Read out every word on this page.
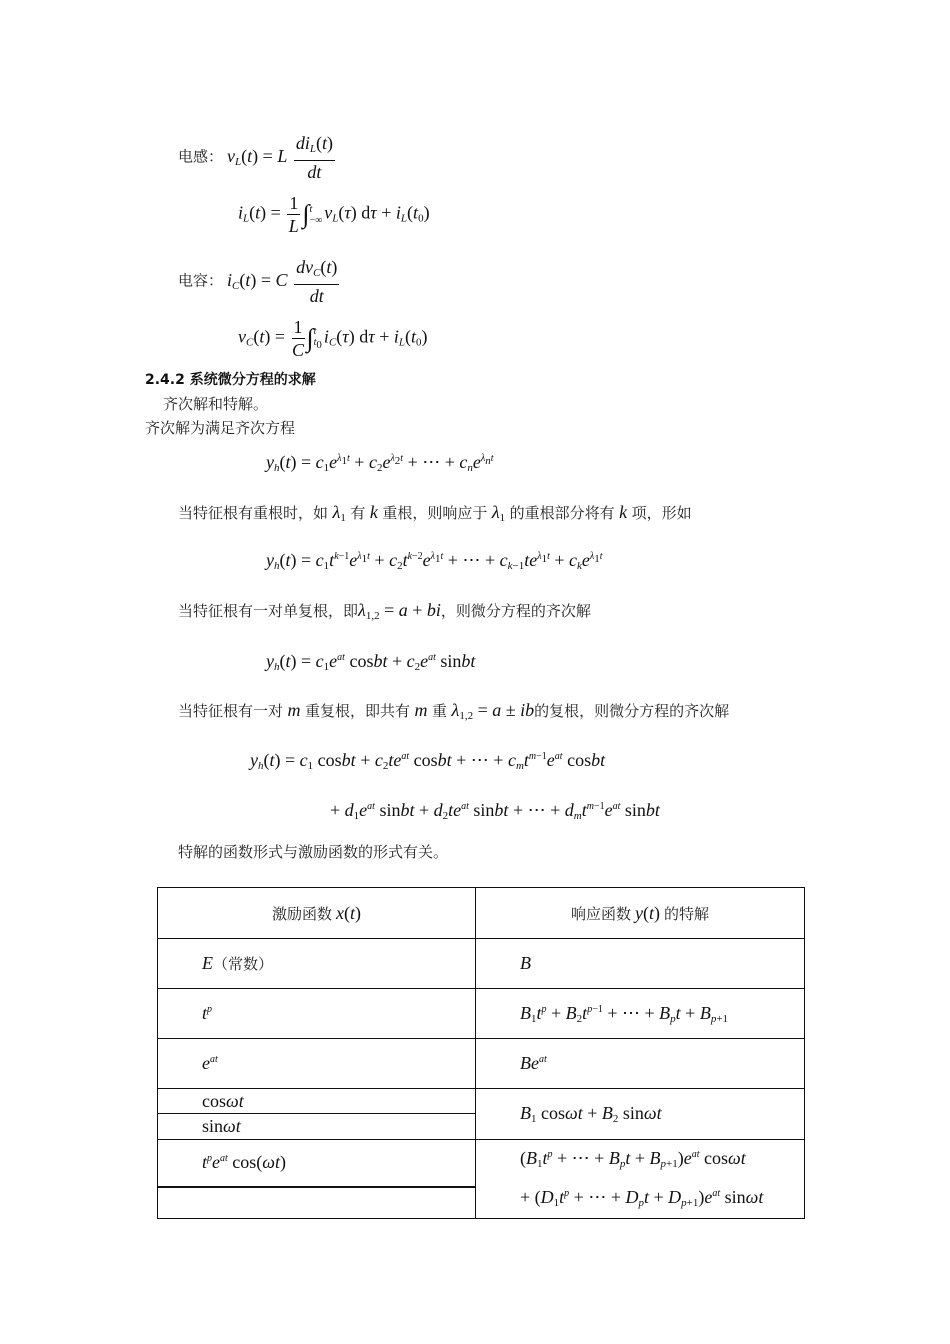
电感： $v_L(t) = L \frac{di_L(t)}{dt}$
$i_L(t) = \frac{1}{L}$ ∫ t
−∞ $v_L(\tau) d\tau + i_L(t_0)$
电容： $i_C(t) = C \frac{dv_C(t)}{dt}$
$v_C(t) = \frac{1}{C}$ ∫ t
$t_0$ $i_C(\tau) d\tau + i_L(t_0)$
2.4.2 系统微分方程的求解
齐次解和特解。
齐次解为满足齐次方程
$y_h(t) = c_1e^{\lambda_1t} + c_2e^{\lambda_2t}$ + ⋯ + $c_ne^{\lambda_nt}$
当特征根有重根时，如 $\lambda_1$ 有 k 重根，则响应于 $\lambda_1$ 的重根部分将有 k 项，形如
$y_h(t) = c_1t^{k-1}e^{\lambda_1t} + c_2t^{k-2}e^{\lambda_1t}$ + ⋯ + $c_{k-1}te^{\lambda_1t} + c_ke^{\lambda_1t}$
当特征根有一对单复根，即$\lambda_{1,2} = a$ + bi，则微分方程的齐次解
$y_h(t) = c_1e^{at}$ cosbt + $c_2e^{at}$ sinbt
当特征根有一对 m 重复根，即共有 m 重 $\lambda_{1,2} = a$ ± ib的复根，则微分方程的齐次解
$y_h(t) = c_1$ cosbt + $c_2te^{at}$ cosbt + ⋯ + $c_mt^{m-1}e^{at}$ cosbt
+ $d_1e^{at}$ sinbt + $d_2te^{at}$ sinbt + ⋯ + $d_mt^{m-1}e^{at}$ sinbt
特解的函数形式与激励函数的形式有关。
激励函数 x(t)	响应函数 y(t) 的特解
E（常数）	B
$t^p$	$B_1t^p + B_2t^{p-1}$ + ⋯ + $B_pt + B_{p+1}$
$e^{at}$	$Be^{at}$
cosωt	$B_1$ $\cos\omega t + B_2$ sinωt
sinωt	
$t^pe^{at}$ cos(ωt)	($B_1t^p$ + ⋯ + $B_pt + B_{p+1})e^{at}$ cosωt
+ ($D_1t^p$ + ⋯ + $D_pt + D_{p+1})e^{at}$ sinωt
